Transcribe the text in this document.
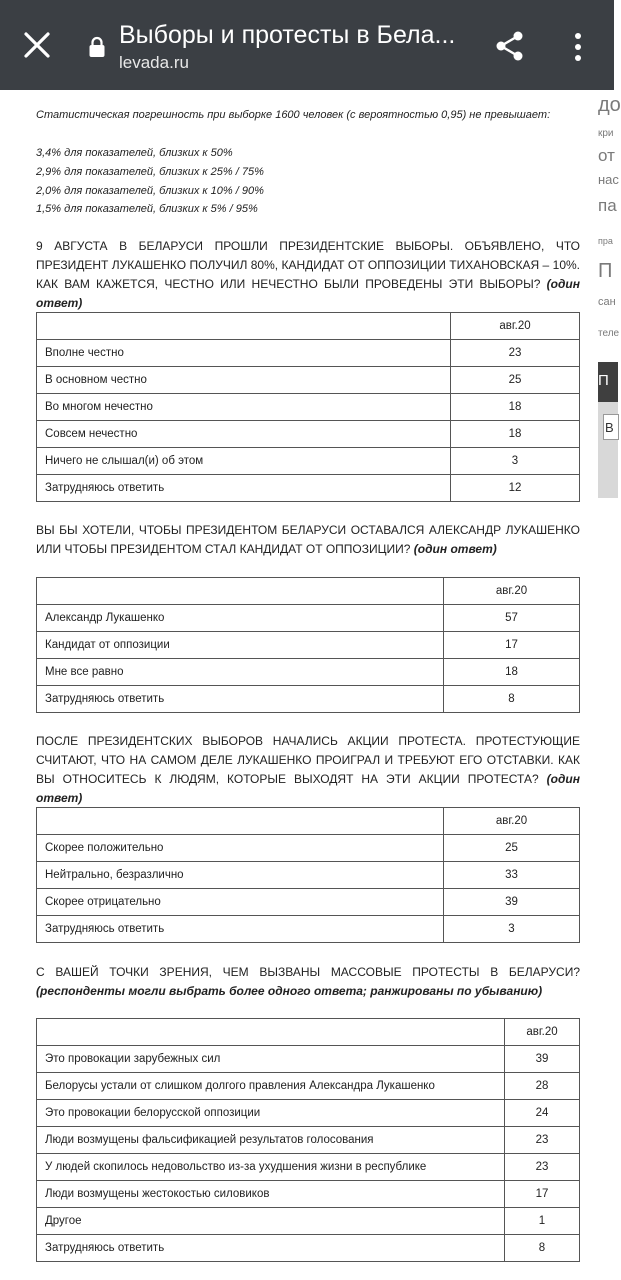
Выборы и протесты в Бела...
levada.ru
Статистическая погрешность при выборке 1600 человек (с вероятностью 0,95) не превышает:
3,4% для показателей, близких к 50%
2,9% для показателей, близких к 25% / 75%
2,0% для показателей, близких к 10% / 90%
1,5% для показателей, близких к 5% / 95%
9 АВГУСТА В БЕЛАРУСИ ПРОШЛИ ПРЕЗИДЕНТСКИЕ ВЫБОРЫ. ОБЪЯВЛЕНО, ЧТО ПРЕЗИДЕНТ ЛУКАШЕНКО ПОЛУЧИЛ 80%, КАНДИДАТ ОТ ОППОЗИЦИИ ТИХАНОВСКАЯ – 10%. КАК ВАМ КАЖЕТСЯ, ЧЕСТНО ИЛИ НЕЧЕСТНО БЫЛИ ПРОВЕДЕНЫ ЭТИ ВЫБОРЫ? (один ответ)
	авг.20
Вполне честно	23
В основном честно	25
Во многом нечестно	18
Совсем нечестно	18
Ничего не слышал(и) об этом	3
Затрудняюсь ответить	12
ВЫ БЫ ХОТЕЛИ, ЧТОБЫ ПРЕЗИДЕНТОМ БЕЛАРУСИ ОСТАВАЛСЯ АЛЕКСАНДР ЛУКАШЕНКО ИЛИ ЧТОБЫ ПРЕЗИДЕНТОМ СТАЛ КАНДИДАТ ОТ ОППОЗИЦИИ? (один ответ)
	авг.20
Александр Лукашенко	57
Кандидат от оппозиции	17
Мне все равно	18
Затрудняюсь ответить	8
ПОСЛЕ ПРЕЗИДЕНТСКИХ ВЫБОРОВ НАЧАЛИСЬ АКЦИИ ПРОТЕСТА. ПРОТЕСТУЮЩИЕ СЧИТАЮТ, ЧТО НА САМОМ ДЕЛЕ ЛУКАШЕНКО ПРОИГРАЛ И ТРЕБУЮТ ЕГО ОТСТАВКИ. КАК ВЫ ОТНОСИТЕСЬ К ЛЮДЯМ, КОТОРЫЕ ВЫХОДЯТ НА ЭТИ АКЦИИ ПРОТЕСТА? (один ответ)
	авг.20
Скорее положительно	25
Нейтрально, безразлично	33
Скорее отрицательно	39
Затрудняюсь ответить	3
С ВАШЕЙ ТОЧКИ ЗРЕНИЯ, ЧЕМ ВЫЗВАНЫ МАССОВЫЕ ПРОТЕСТЫ В БЕЛАРУСИ? (респонденты могли выбрать более одного ответа; ранжированы по убыванию)
	авг.20
Это провокации зарубежных сил	39
Белорусы устали от слишком долгого правления Александра Лукашенко	28
Это провокации белорусской оппозиции	24
Люди возмущены фальсификацией результатов голосования	23
У людей скопилось недовольство из-за ухудшения жизни в республике	23
Люди возмущены жестокостью силовиков	17
Другое	1
Затрудняюсь ответить	8
до
кри
от
нас
па
пра
П
сан
теле
П
В
